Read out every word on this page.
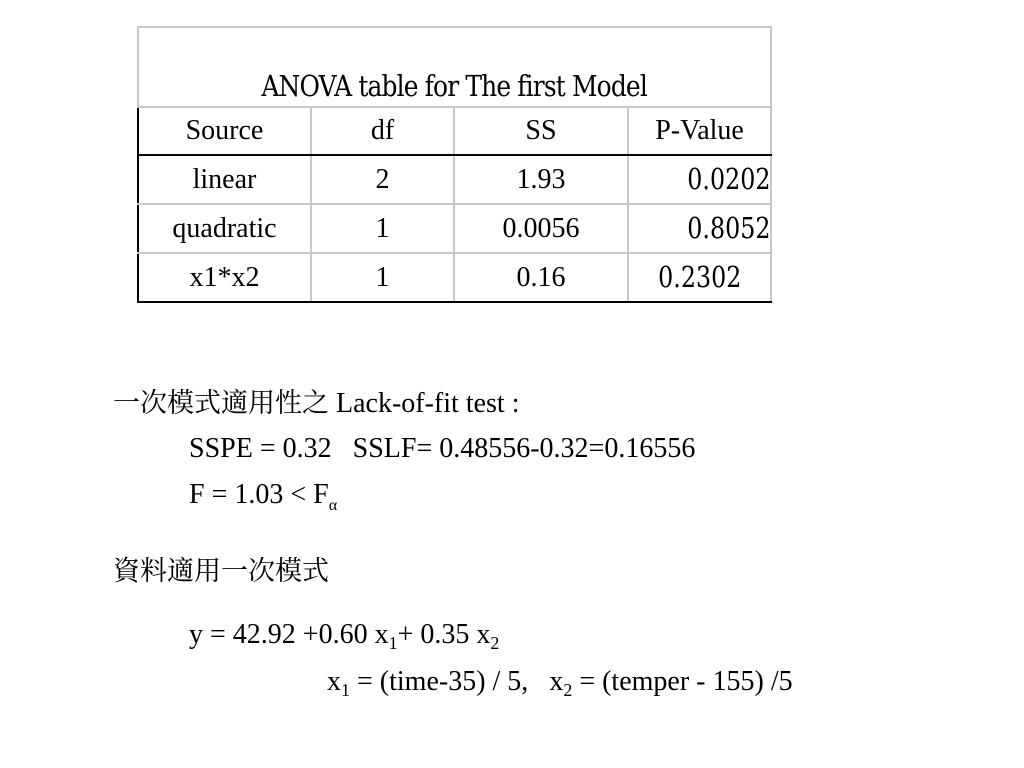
ANOVA table for The first Model			
Source	df	SS	P-Value
linear	2	1.93	0.0202
quadratic	1	0.0056	0.8052
x1*x2	1	0.16	0.2302
一次模式適用性之 Lack-of-fit test :
SSPE = 0.32 SSLF= 0.48556-0.32=0.16556
$F = 1.03 < F_\alpha$
資料適用一次模式
y = 42.92 +0.60 $x_1+ 0.35$ $x_2$
$x_1$ = (time-35) / 5, $x_2$ = (temper - 155) /5
